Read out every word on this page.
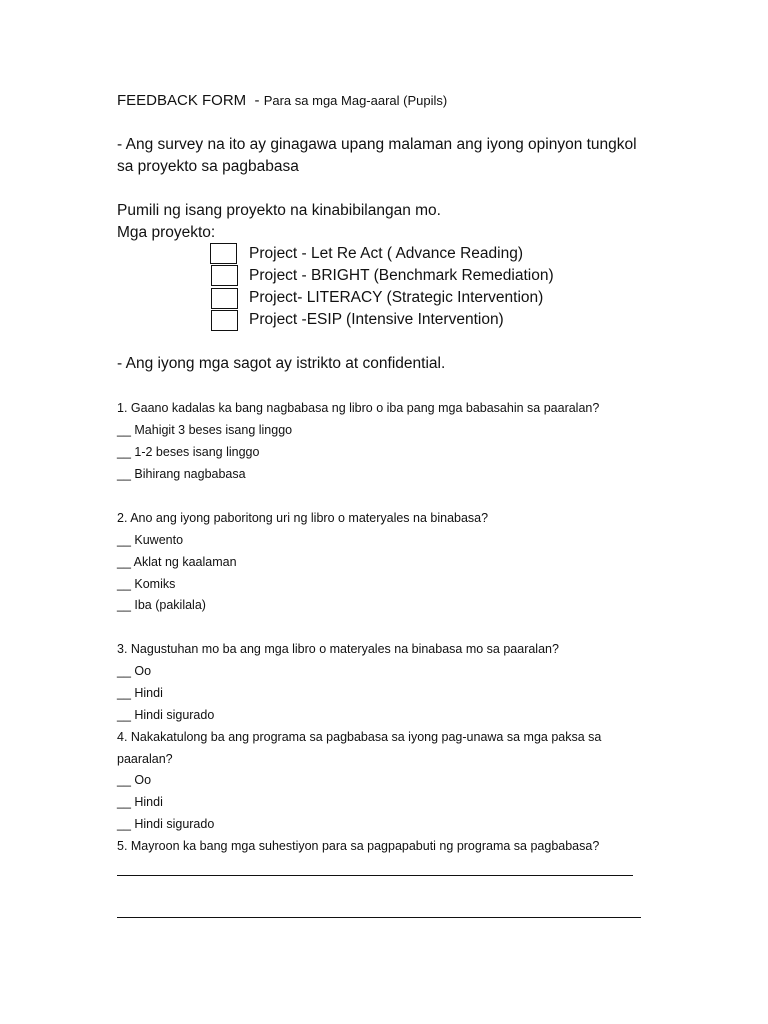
FEEDBACK FORM - Para sa mga Mag-aaral (Pupils)
- Ang survey na ito ay ginagawa upang malaman ang iyong opinyon tungkol
sa proyekto sa pagbabasa
Pumili ng isang proyekto na kinabibilangan mo.
Mga proyekto:
Project - Let Re Act ( Advance Reading)
Project - BRIGHT (Benchmark Remediation)
Project- LITERACY (Strategic Intervention)
Project -ESIP (Intensive Intervention)
- Ang iyong mga sagot ay istrikto at confidential.
1. Gaano kadalas ka bang nagbabasa ng libro o iba pang mga babasahin sa paaralan?
__ Mahigit 3 beses isang linggo
__ 1-2 beses isang linggo
__ Bihirang nagbabasa
2. Ano ang iyong paboritong uri ng libro o materyales na binabasa?
__ Kuwento
__ Aklat ng kaalaman
__ Komiks
__ Iba (pakilala)
3. Nagustuhan mo ba ang mga libro o materyales na binabasa mo sa paaralan?
__ Oo
__ Hindi
__ Hindi sigurado
4. Nakakatulong ba ang programa sa pagbabasa sa iyong pag-unawa sa mga paksa sa
paaralan?
__ Oo
__ Hindi
__ Hindi sigurado
5. Mayroon ka bang mga suhestiyon para sa pagpapabuti ng programa sa pagbabasa?
